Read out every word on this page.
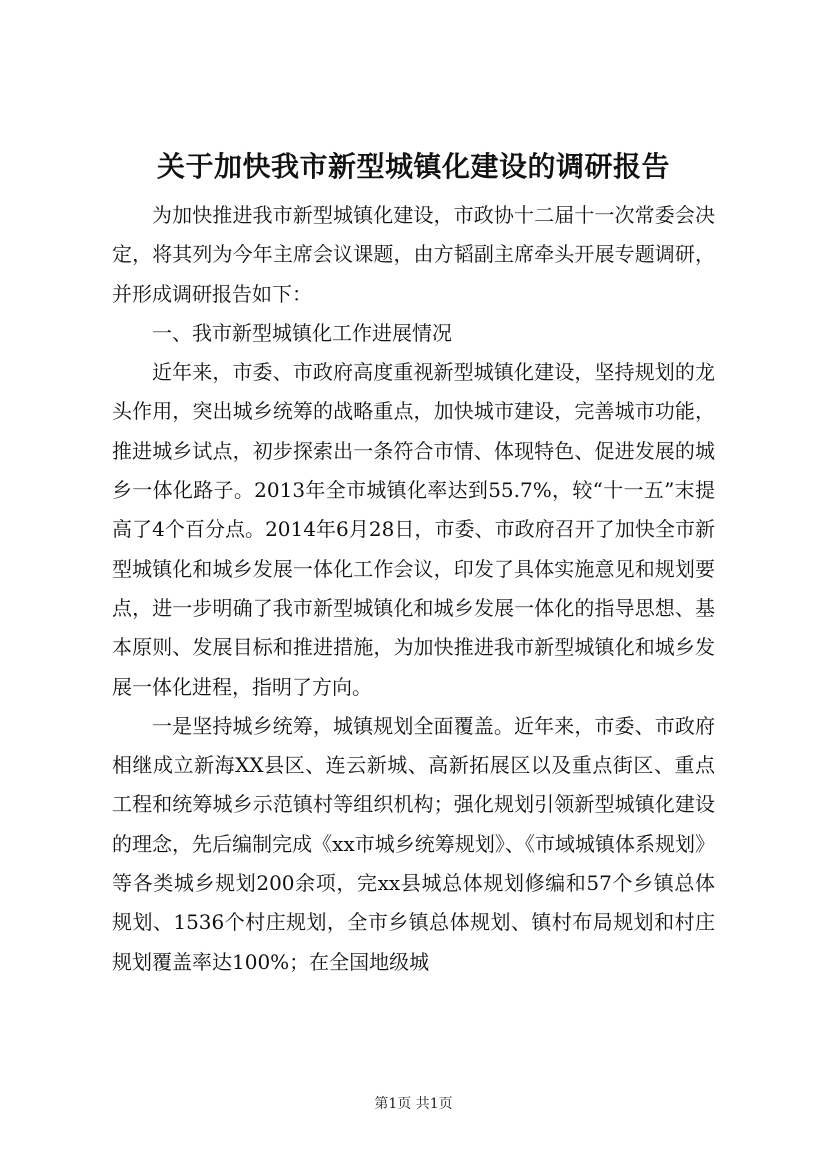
关于加快我市新型城镇化建设的调研报告

为加快推进我市新型城镇化建设，市政协十二届十一次常委会决定，将其列为今年主席会议课题，由方韬副主席牵头开展专题调研，并形成调研报告如下：

一、我市新型城镇化工作进展情况

近年来，市委、市政府高度重视新型城镇化建设，坚持规划的龙头作用，突出城乡统筹的战略重点，加快城市建设，完善城市功能，推进城乡试点，初步探索出一条符合市情、体现特色、促进发展的城乡一体化路子。2013年全市城镇化率达到55.7%，较“十一五”末提高了4个百分点。2014年6月28日，市委、市政府召开了加快全市新型城镇化和城乡发展一体化工作会议，印发了具体实施意见和规划要点，进一步明确了我市新型城镇化和城乡发展一体化的指导思想、基本原则、发展目标和推进措施，为加快推进我市新型城镇化和城乡发展一体化进程，指明了方向。

一是坚持城乡统筹，城镇规划全面覆盖。近年来，市委、市政府相继成立新海XX县区、连云新城、高新拓展区以及重点街区、重点工程和统筹城乡示范镇村等组织机构；强化规划引领新型城镇化建设的理念，先后编制完成《xx市城乡统筹规划》、《市域城镇体系规划》等各类城乡规划200余项，完xx县城总体规划修编和57个乡镇总体规划、1536个村庄规划，全市乡镇总体规划、镇村布局规划和村庄规划覆盖率达100%；在全国地级城

第1页 共1页
